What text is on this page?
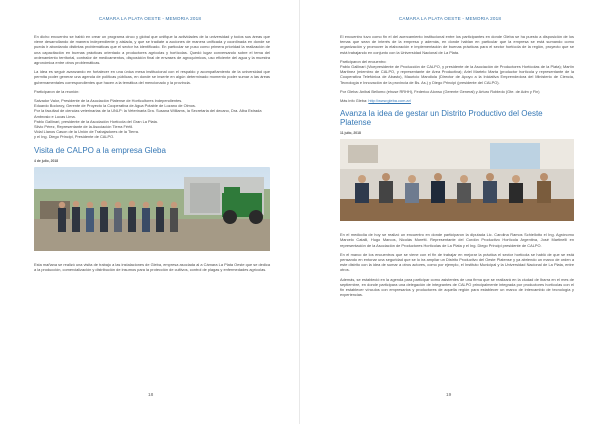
CAMARA LA PLATA OESTE - MEMORIA 2018

En dicho encuentro se habló en crear un programa cinco y global que unifique la actividades de la universidad y todos sus áreas que viene desarrollando de manera independiente y aislada, y que se tradiate a acciones de manera unificada y coordinada en donde se pueda ir abordando distintas problemáticas que el sector ha identificado. En particular se puso como primera prioridad la realización de una capacitación en buenas prácticas orientado a productores agrícolas y hortícolas. Quedó lugar conversando sobre el tema del ordenamiento territorial, contralor de medicamentos, disposición final de envases de agroquímicos, uso eficiente del agua y la muestra agronómica entre otros problemáticas.

La idea es seguir avanzando en fortalecer en una única mesa institucional con el respaldo y acompañamiento de la universidad que permita poder generar una agenda de políticas públicas, en donde se inserte en algún determinado momento poder sumar a las áreas gubernamentales correspondientes que hacen a la temática del mencionado y la provincia.

Participaron de la reunión:

Salvador Valor, Presidente de la Asociación Platense de Horticultores Independientes.

Eduardo Bodoroy, Gerente de Proyecto la Cooperativa de Agua Potable de Lozano de Olmos.

Por la facultad de ciencias veterinarias de la UNLP: la Veterinaria Dra. Susana Williams, la Secretaria del decano, Dra. Alba Estrada Ambrosio e Lucas Lima.

Pablo Gallinari, presidente de la Asociación Hortícola del Gran La Plata.

Silvio Pérez, Representante de la Asociación Tierra Fértil.

Vidal Llanos Cason de la Unión de Trabajadores de la Tierra.

y el Ing. Diego Principi, Presidente de CALPO.

Visita de CALPO a la empresa Gleba

4 de julio, 2018

Esta mañana se realizó una visita de trabajo a las instalaciones de Gleba, empresa asociada al a Cámara La Plata Oeste que se dedica a la producción, comercialización y distribución de insumos para la protección de cultivos, control de plagas y enfermedades agrícolas.

18
CAMARA LA PLATA OESTE - MEMORIA 2018

El encuentro tuvo como fin el del acercamiento institucional entre los participantes en donde Gleba se ha puesto a disposición de los temas que sean de interés de la empresa y además, en donde hablan en particular que la empresa se está sumando como organización y promover la elaboración e implementación de buenas prácticas para el sector hortícola de la región, proyecto que se está trabajando en conjunto con la Universidad Nacional de La Plata.

Participaron del encuentro:

Pablo Gallinari (Vicepresidente de Producción de CALPO, y presidente de la Asociación de Productores Hortícolas de la Plata); Martín Martínez (miembro de CALPO, y representante de Area Productiva); Ariel Martelo Marta (productor hortícola y representante de la Cooperativa Telefónica de Abasto), Mauricio Mandiola (Director de Apoyo a la Iniciativa Emprendedora del Ministerio de Ciencia, Tecnología e Innovación de la provincia de Bs. As.) y Diego Principi (presidente del CALPO).

Por Gleba: Anibal Bellomo (ehuse RRHH), Federico Alonso (Gerente General) y Arturo Robledo (Gte. de Adm y Fin)

Más info Gleba: http://www.gleba.com.ar/

Avanza la idea de gestar un Distrito Productivo del Oeste Platense

11 julio, 2018

En el mediodía de hoy se realizó un encuentro en donde participaron la diputada Lic. Carolina Ramos Schiellotto el Ing. Agrónomo Marcelo Catalli, Hugo Marcos, Nicolás Moretti. Representante del Cordón Productivo Hortícola Argentina, José Martinelli en representación de la Asociación de Productores Hortícolas de La Plata y el Ing. Diego Principi presidente de CALPO.

En el marco de los encuentros que se viene con el fin de trabajar en mejorar la práctica el sector hortícola se habló de que se está pensando en entonar una seguridad que se lo ira ampliar un Distrito Productivo del Oeste Platense y ya abriendo un marco de orden a este distrito con la idea de sumar a otros actores, como por ejemplo, el Instituto Municipal y la Universidad Nacional de La Plata, entre otros.

Además, se estableció en la agenda para participar como asistentes de una firma que se realizará en la ciudad de Ibarra en el mes de septiembre, en donde participara una delegación de integrantes de CALPO principalmente integrada por productores hortícolas con el fin establecer vínculos con empresarios y productores de aquella región para establecer un marco de intercambio de tecnología y experiencias.

19
